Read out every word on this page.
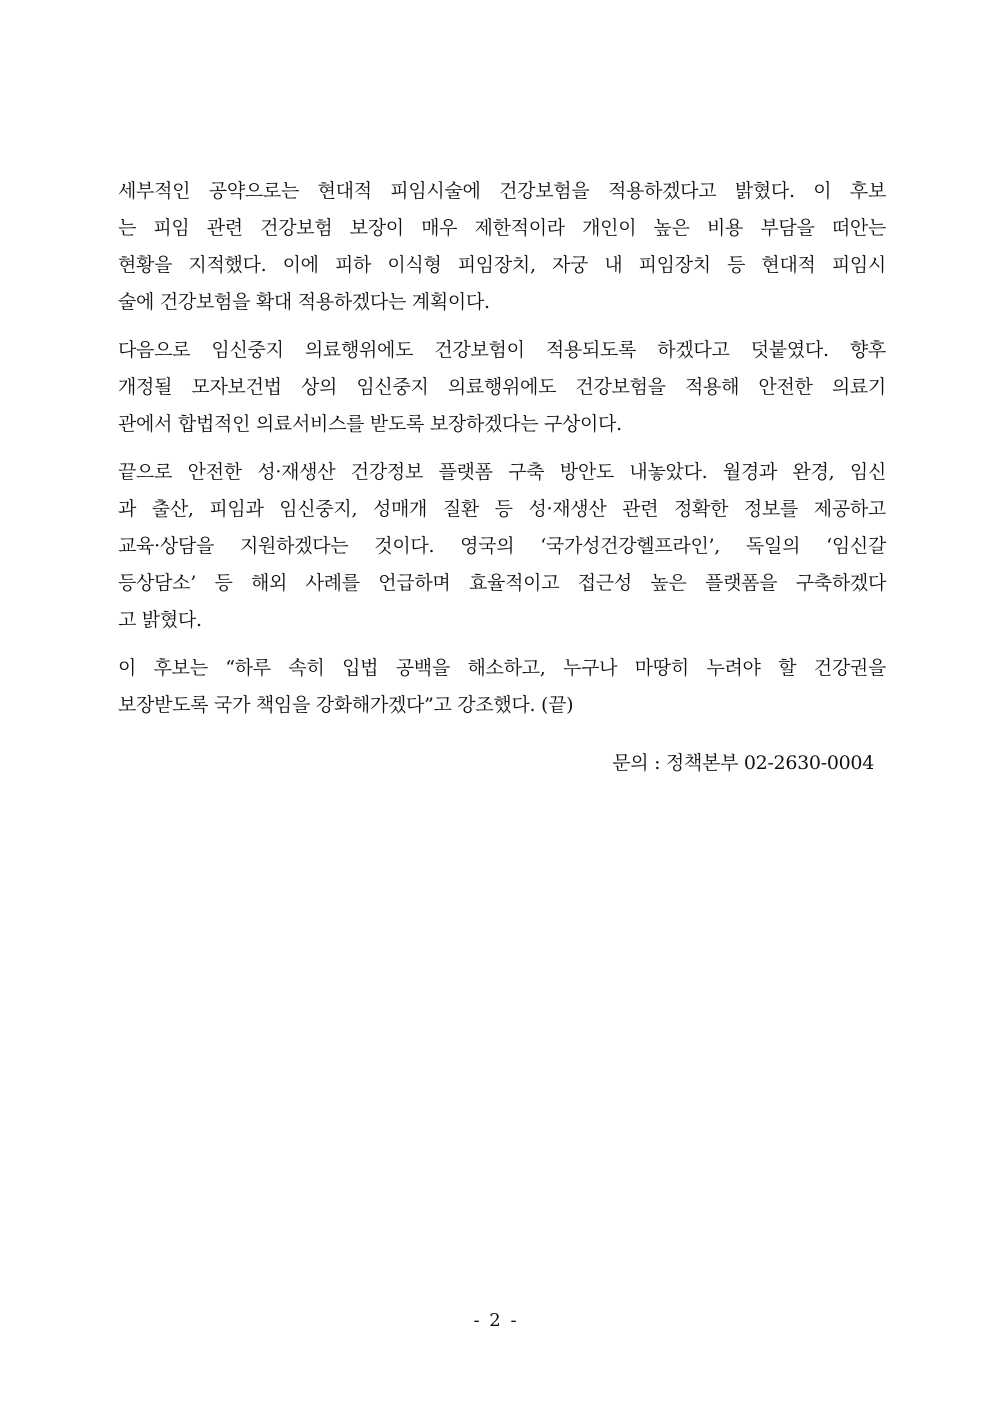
세부적인 공약으로는 현대적 피임시술에 건강보험을 적용하겠다고 밝혔다. 이 후보
는 피임 관련 건강보험 보장이 매우 제한적이라 개인이 높은 비용 부담을 떠안는
현황을 지적했다. 이에 피하 이식형 피임장치, 자궁 내 피임장치 등 현대적 피임시
술에 건강보험을 확대 적용하겠다는 계획이다.
다음으로 임신중지 의료행위에도 건강보험이 적용되도록 하겠다고 덧붙였다. 향후
개정될 모자보건법 상의 임신중지 의료행위에도 건강보험을 적용해 안전한 의료기
관에서 합법적인 의료서비스를 받도록 보장하겠다는 구상이다.
끝으로 안전한 성·재생산 건강정보 플랫폼 구축 방안도 내놓았다. 월경과 완경, 임신
과 출산, 피임과 임신중지, 성매개 질환 등 성·재생산 관련 정확한 정보를 제공하고
교육·상담을 지원하겠다는 것이다. 영국의 ‘국가성건강헬프라인’, 독일의 ‘임신갈
등상담소’ 등 해외 사례를 언급하며 효율적이고 접근성 높은 플랫폼을 구축하겠다
고 밝혔다.
이 후보는 “하루 속히 입법 공백을 해소하고, 누구나 마땅히 누려야 할 건강권을
보장받도록 국가 책임을 강화해가겠다”고 강조했다. (끝)
문의 : 정책본부 02-2630-0004
- 2 -
